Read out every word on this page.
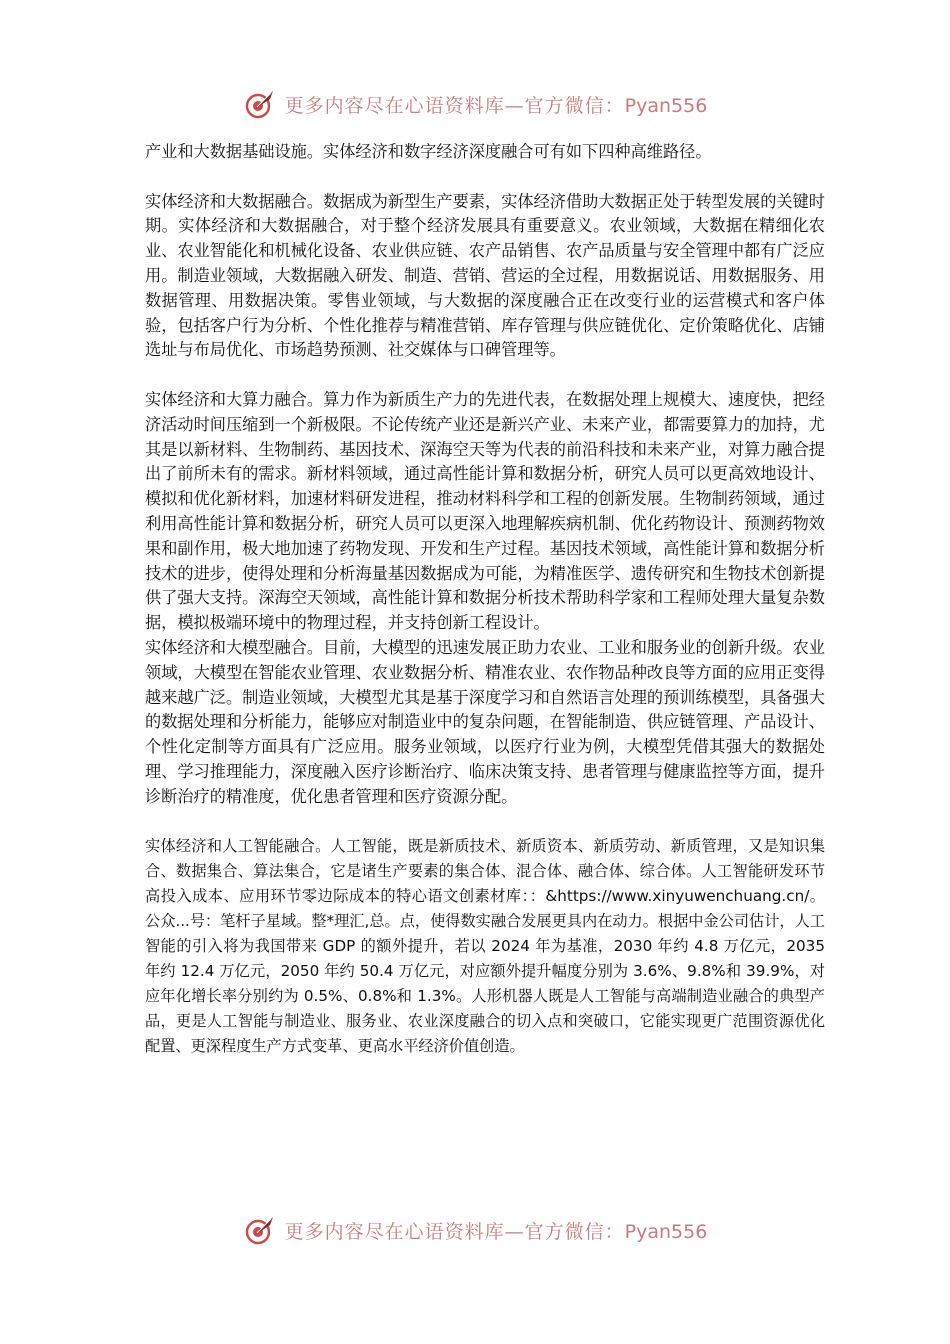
更多内容尽在心语资料库—官方微信：Pyan556

产业和大数据基础设施。实体经济和数字经济深度融合可有如下四种高维路径。

实体经济和大数据融合。数据成为新型生产要素，实体经济借助大数据正处于转型发展的关键时期。实体经济和大数据融合，对于整个经济发展具有重要意义。农业领域，大数据在精细化农业、农业智能化和机械化设备、农业供应链、农产品销售、农产品质量与安全管理中都有广泛应用。制造业领域，大数据融入研发、制造、营销、营运的全过程，用数据说话、用数据服务、用数据管理、用数据决策。零售业领域，与大数据的深度融合正在改变行业的运营模式和客户体验，包括客户行为分析、个性化推荐与精准营销、库存管理与供应链优化、定价策略优化、店铺选址与布局优化、市场趋势预测、社交媒体与口碑管理等。

实体经济和大算力融合。算力作为新质生产力的先进代表，在数据处理上规模大、速度快，把经济活动时间压缩到一个新极限。不论传统产业还是新兴产业、未来产业，都需要算力的加持，尤其是以新材料、生物制药、基因技术、深海空天等为代表的前沿科技和未来产业，对算力融合提出了前所未有的需求。新材料领域，通过高性能计算和数据分析，研究人员可以更高效地设计、模拟和优化新材料，加速材料研发进程，推动材料科学和工程的创新发展。生物制药领域，通过利用高性能计算和数据分析，研究人员可以更深入地理解疾病机制、优化药物设计、预测药物效果和副作用，极大地加速了药物发现、开发和生产过程。基因技术领域，高性能计算和数据分析技术的进步，使得处理和分析海量基因数据成为可能，为精准医学、遗传研究和生物技术创新提供了强大支持。深海空天领域，高性能计算和数据分析技术帮助科学家和工程师处理大量复杂数据，模拟极端环境中的物理过程，并支持创新工程设计。

实体经济和大模型融合。目前，大模型的迅速发展正助力农业、工业和服务业的创新升级。农业领域，大模型在智能农业管理、农业数据分析、精准农业、农作物品种改良等方面的应用正变得越来越广泛。制造业领域，大模型尤其是基于深度学习和自然语言处理的预训练模型，具备强大的数据处理和分析能力，能够应对制造业中的复杂问题，在智能制造、供应链管理、产品设计、个性化定制等方面具有广泛应用。服务业领域，以医疗行业为例，大模型凭借其强大的数据处理、学习推理能力，深度融入医疗诊断治疗、临床决策支持、患者管理与健康监控等方面，提升诊断治疗的精准度，优化患者管理和医疗资源分配。

实体经济和人工智能融合。人工智能，既是新质技术、新质资本、新质劳动、新质管理，又是知识集合、数据集合、算法集合，它是诸生产要素的集合体、混合体、融合体、综合体。人工智能研发环节高投入成本、应用环节零边际成本的特心语文创素材库：：&https://www.xinyuwenchuang.cn/。公众...号：笔杆子星域。整*理汇,总。点，使得数实融合发展更具内在动力。根据中金公司估计，人工智能的引入将为我国带来 GDP 的额外提升，若以 2024 年为基准，2030 年约 4.8 万亿元，2035 年约 12.4 万亿元，2050 年约 50.4 万亿元，对应额外提升幅度分别为 3.6%、9.8%和 39.9%，对应年化增长率分别约为 0.5%、0.8%和 1.3%。人形机器人既是人工智能与高端制造业融合的典型产品，更是人工智能与制造业、服务业、农业深度融合的切入点和突破口，它能实现更广范围资源优化配置、更深程度生产方式变革、更高水平经济价值创造。

更多内容尽在心语资料库—官方微信：Pyan556
